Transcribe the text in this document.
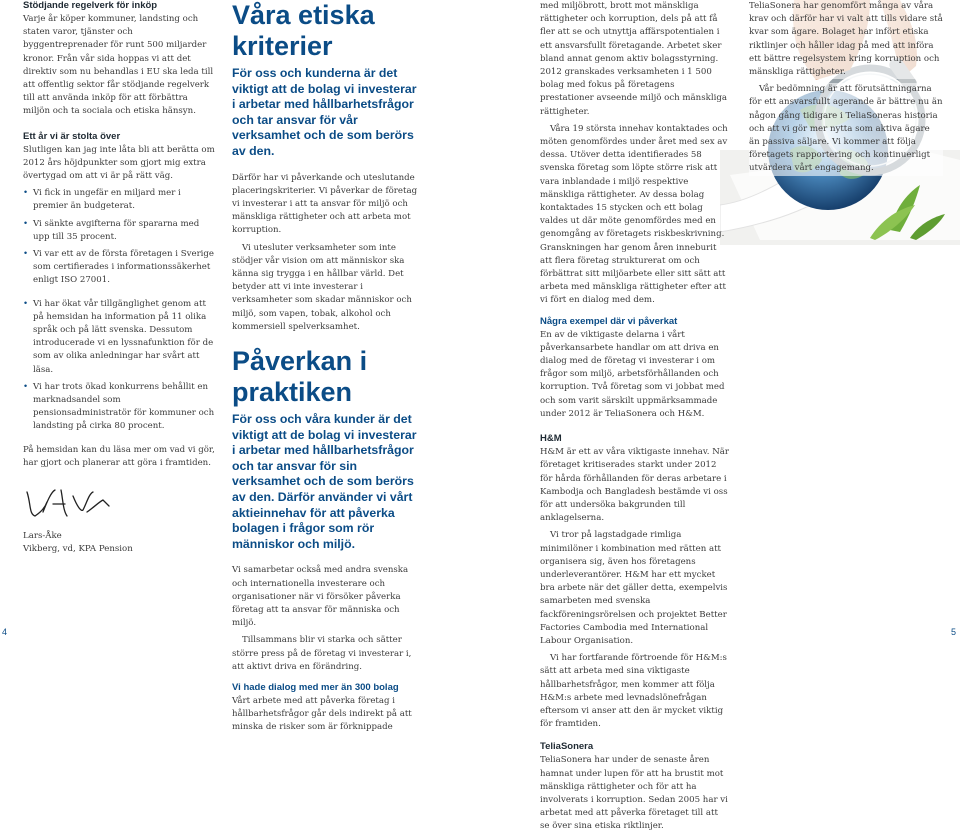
Stödjande regelverk för inköp

Varje år köper kommuner, landsting och staten varor, tjänster och byggentreprenader för runt 500 miljarder kronor. Från vår sida hoppas vi att det direktiv som nu behandlas i EU ska leda till att offentlig sektor får stödjande regelverk till att använda inköp för att förbättra miljön och ta sociala och etiska hänsyn.

Ett år vi är stolta över

Slutligen kan jag inte låta bli att berätta om 2012 års höjdpunkter som gjort mig extra övertygad om att vi är på rätt väg.

• Vi fick in ungefär en miljard mer i premier än budgeterat.

• Vi sänkte avgifterna för spararna med upp till 35 procent.

• Vi var ett av de första företagen i Sverige som certifierades i informationssäkerhet enligt ISO 27001.

• Vi har ökat vår tillgänglighet genom att på hemsidan ha information på 11 olika språk och på lätt svenska. Dessutom introducerade vi en lyssnafunktion för de som av olika anledningar har svårt att läsa.

• Vi har trots ökad konkurrens behållit en marknadsandel som pensionsadministratör för kommuner och landsting på cirka 80 procent.

På hemsidan kan du läsa mer om vad vi gör, har gjort och planerar att göra i framtiden.

Lars-Åke

Vikberg, vd, KPA Pension

Våra etiska kriterier

För oss och kunderna är det viktigt att de bolag vi investerar i arbetar med hållbarhetsfrågor och tar ansvar för vår verksamhet och de som berörs av den.

Därför har vi påverkande och uteslutande placeringskriterier. Vi påverkar de företag vi investerar i att ta ansvar för miljö och mänskliga rättigheter och att arbeta mot korruption.

Vi utesluter verksamheter som inte stödjer vår vision om att människor ska känna sig trygga i en hållbar värld. Det betyder att vi inte investerar i verksamheter som skadar människor och miljö, som vapen, tobak, alkohol och kommersiell spelverksamhet.

Påverkan i praktiken

För oss och våra kunder är det viktigt att de bolag vi investerar i arbetar med hållbarhetsfrågor och tar ansvar för sin verksamhet och de som berörs av den. Därför använder vi vårt aktieinnehav för att påverka bolagen i frågor som rör människor och miljö.

Vi samarbetar också med andra svenska och internationella investerare och organisationer när vi försöker påverka företag att ta ansvar för människa och miljö.

Tillsammans blir vi starka och sätter större press på de företag vi investerar i, att aktivt driva en förändring.

Vi hade dialog med mer än 300 bolag

Vårt arbete med att påverka företag i hållbarhetsfrågor går dels indirekt på att minska de risker som är förknippade

med miljöbrott, brott mot mänskliga rättigheter och korruption, dels på att få fler att se och utnyttja affärspotentialen i ett ansvarsfullt företagande. Arbetet sker bland annat genom aktiv bolagsstyrning. 2012 granskades verksamheten i 1 500 bolag med fokus på företagens prestationer avseende miljö och mänskliga rättigheter.

Våra 19 största innehav kontaktades och möten genomfördes under året med sex av dessa. Utöver detta identifierades 58 svenska företag som löpte större risk att vara inblandade i miljö respektive mänskliga rättigheter. Av dessa bolag kontaktades 15 stycken och ett bolag valdes ut där möte genomfördes med en genomgång av företagets riskbeskrivning. Granskningen har genom åren inneburit att flera företag strukturerat om och förbättrat sitt miljöarbete eller sitt sätt att arbeta med mänskliga rättigheter efter att vi fört en dialog med dem.

Några exempel där vi påverkat

En av de viktigaste delarna i vårt påverkansarbete handlar om att driva en dialog med de företag vi investerar i om frågor som miljö, arbetsförhållanden och korruption. Två företag som vi jobbat med och som varit särskilt uppmärksammade under 2012 är TeliaSonera och H&M.

H&M

H&M är ett av våra viktigaste innehav. När företaget kritiserades starkt under 2012 för hårda förhållanden för deras arbetare i Kambodja och Bangladesh bestämde vi oss för att undersöka bakgrunden till anklagelserna.

Vi tror på lagstadgade rimliga minimilöner i kombination med rätten att organisera sig, även hos företagens underleverantörer. H&M har ett mycket bra arbete när det gäller detta, exempelvis samarbeten med svenska fackföreningsrörelsen och projektet Better Factories Cambodia med International Labour Organisation.

Vi har fortfarande förtroende för H&M:s sätt att arbeta med sina viktigaste hållbarhetsfrågor, men kommer att följa H&M:s arbete med levnadslönefrågan eftersom vi anser att den är mycket viktig för framtiden.

TeliaSonera

TeliaSonera har under de senaste åren hamnat under lupen för att ha brustit mot mänskliga rättigheter och för att ha involverats i korruption. Sedan 2005 har vi arbetat med att påverka företaget till att se över sina etiska riktlinjer.

TeliaSonera har genomfört många av våra krav och därför har vi valt att tills vidare stå kvar som ägare. Bolaget har infört etiska riktlinjer och håller idag på med att införa ett bättre regelsystem kring korruption och mänskliga rättigheter.

Vår bedömning är att förutsättningarna för ett ansvarsfullt agerande är bättre nu än någon gång tidigare i TeliaSoneras historia och att vi gör mer nytta som aktiva ägare än passiva säljare. Vi kommer att följa företagets rapportering och kontinuerligt utvärdera vårt engagemang.

4	5
